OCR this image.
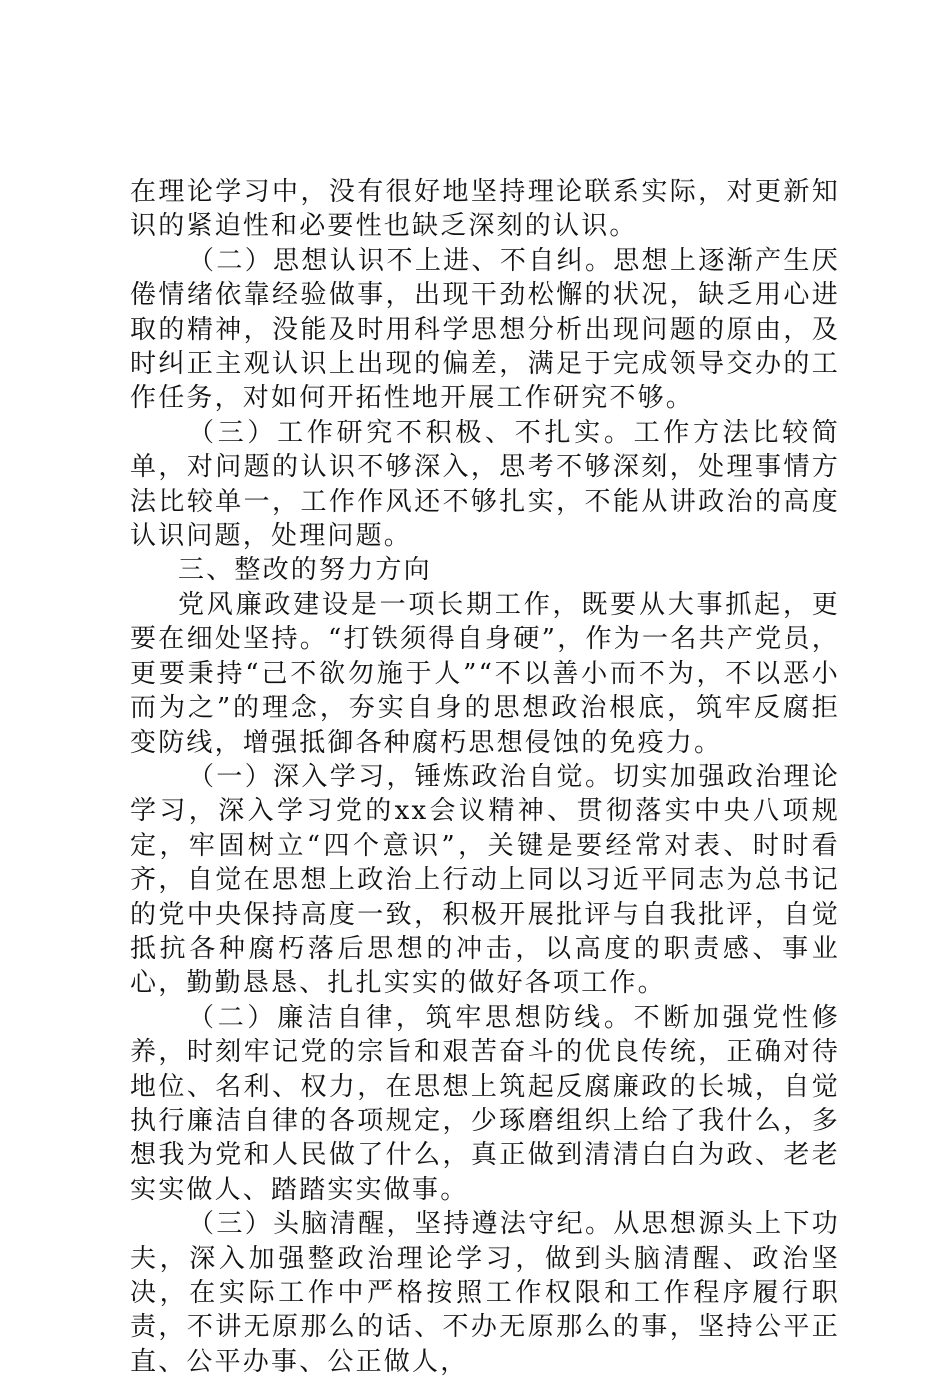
在理论学习中，没有很好地坚持理论联系实际，对更新知识的紧迫性和必要性也缺乏深刻的认识。

（二）思想认识不上进、不自纠。思想上逐渐产生厌倦情绪依靠经验做事，出现干劲松懈的状况，缺乏用心进取的精神，没能及时用科学思想分析出现问题的原由，及时纠正主观认识上出现的偏差，满足于完成领导交办的工作任务，对如何开拓性地开展工作研究不够。

（三）工作研究不积极、不扎实。工作方法比较简单，对问题的认识不够深入，思考不够深刻，处理事情方法比较单一，工作作风还不够扎实，不能从讲政治的高度认识问题，处理问题。

三、整改的努力方向

党风廉政建设是一项长期工作，既要从大事抓起，更要在细处坚持。“打铁须得自身硬”，作为一名共产党员，更要秉持“己不欲勿施于人”“不以善小而不为，不以恶小而为之”的理念，夯实自身的思想政治根底，筑牢反腐拒变防线，增强抵御各种腐朽思想侵蚀的免疫力。

（一）深入学习，锤炼政治自觉。切实加强政治理论学习，深入学习党的xx会议精神、贯彻落实中央八项规定，牢固树立“四个意识”，关键是要经常对表、时时看齐，自觉在思想上政治上行动上同以习近平同志为总书记的党中央保持高度一致，积极开展批评与自我批评，自觉抵抗各种腐朽落后思想的冲击，以高度的职责感、事业心，勤勤恳恳、扎扎实实的做好各项工作。

（二）廉洁自律，筑牢思想防线。不断加强党性修养，时刻牢记党的宗旨和艰苦奋斗的优良传统，正确对待地位、名利、权力，在思想上筑起反腐廉政的长城，自觉执行廉洁自律的各项规定，少琢磨组织上给了我什么，多想我为党和人民做了什么，真正做到清清白白为政、老老实实做人、踏踏实实做事。

（三）头脑清醒，坚持遵法守纪。从思想源头上下功夫，深入加强整政治理论学习，做到头脑清醒、政治坚决，在实际工作中严格按照工作权限和工作程序履行职责，不讲无原那么的话、不办无原那么的事，坚持公平正直、公平办事、公正做人，
